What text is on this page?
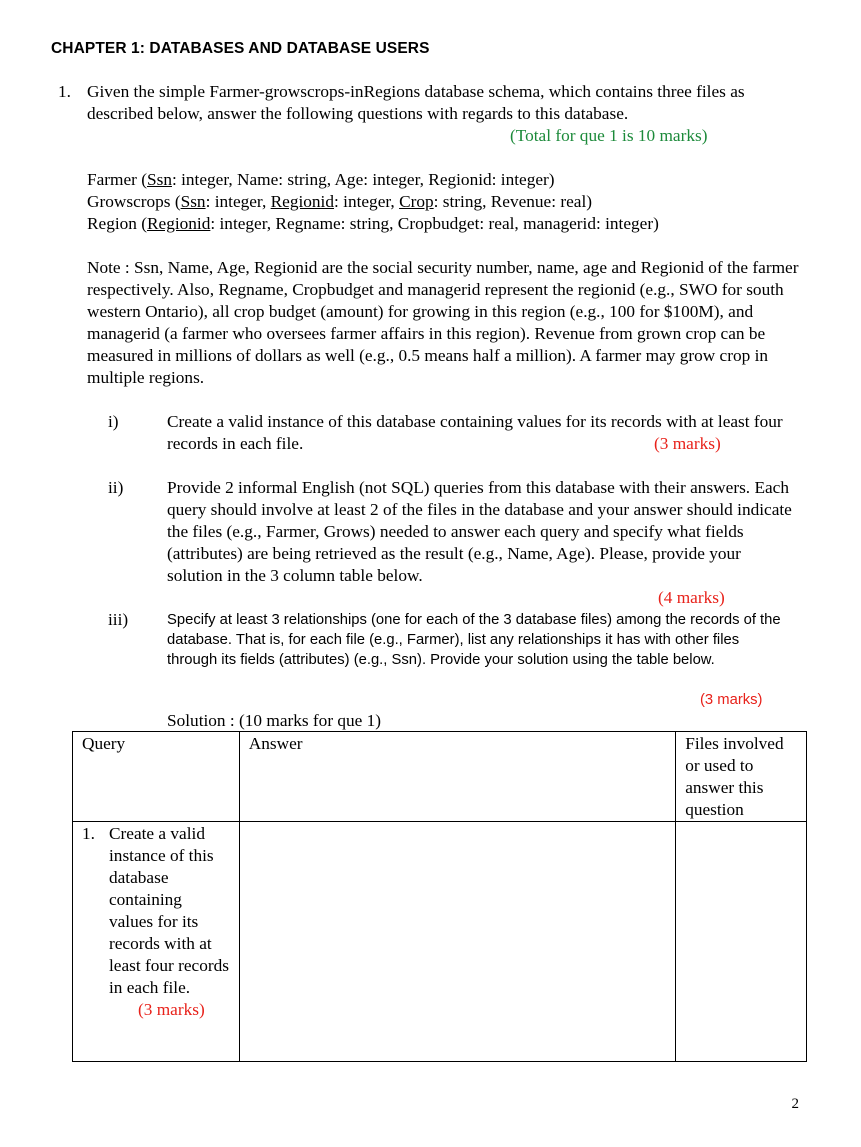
CHAPTER 1: DATABASES AND DATABASE USERS
1. Given the simple Farmer-growscrops-inRegions database schema, which contains three files as described below, answer the following questions with regards to this database.
(Total for que 1 is 10 marks)

Farmer (Ssn: integer, Name: string, Age: integer, Regionid: integer)

Growscrops (Ssn: integer, Regionid: integer, Crop: string, Revenue: real)

Region (Regionid: integer, Regname: string, Cropbudget: real, managerid: integer)

Note : Ssn, Name, Age, Regionid are the social security number, name, age and Regionid of the farmer respectively. Also, Regname, Cropbudget and managerid represent the regionid (e.g., SWO for south western Ontario), all crop budget (amount) for growing in this region (e.g., 100 for $100M), and managerid (a farmer who oversees farmer affairs in this region). Revenue from grown crop can be measured in millions of dollars as well (e.g., 0.5 means half a million). A farmer may grow crop in multiple regions.
i)	Create a valid instance of this database containing values for its records with at least four records in each file.	(3 marks)
ii)	Provide 2 informal English (not SQL) queries from this database with their answers. Each query should involve at least 2 of the files in the database and your answer should indicate the files (e.g., Farmer, Grows) needed to answer each query and specify what fields (attributes) are being retrieved as the result (e.g., Name, Age). Please, provide your solution in the 3 column table below.
(4 marks)
iii)	Specify at least 3 relationships (one for each of the 3 database files) among the records of the database. That is, for each file (e.g., Farmer), list any relationships it has with other files through its fields (attributes) (e.g., Ssn). Provide your solution using the table below.
(3 marks)
Solution : (10 marks for que 1)
Query	Answer	Files involved or used to answer this question

1. Create a valid instance of this database containing values for its records with at least four records in each file.
(3 marks)		

2
